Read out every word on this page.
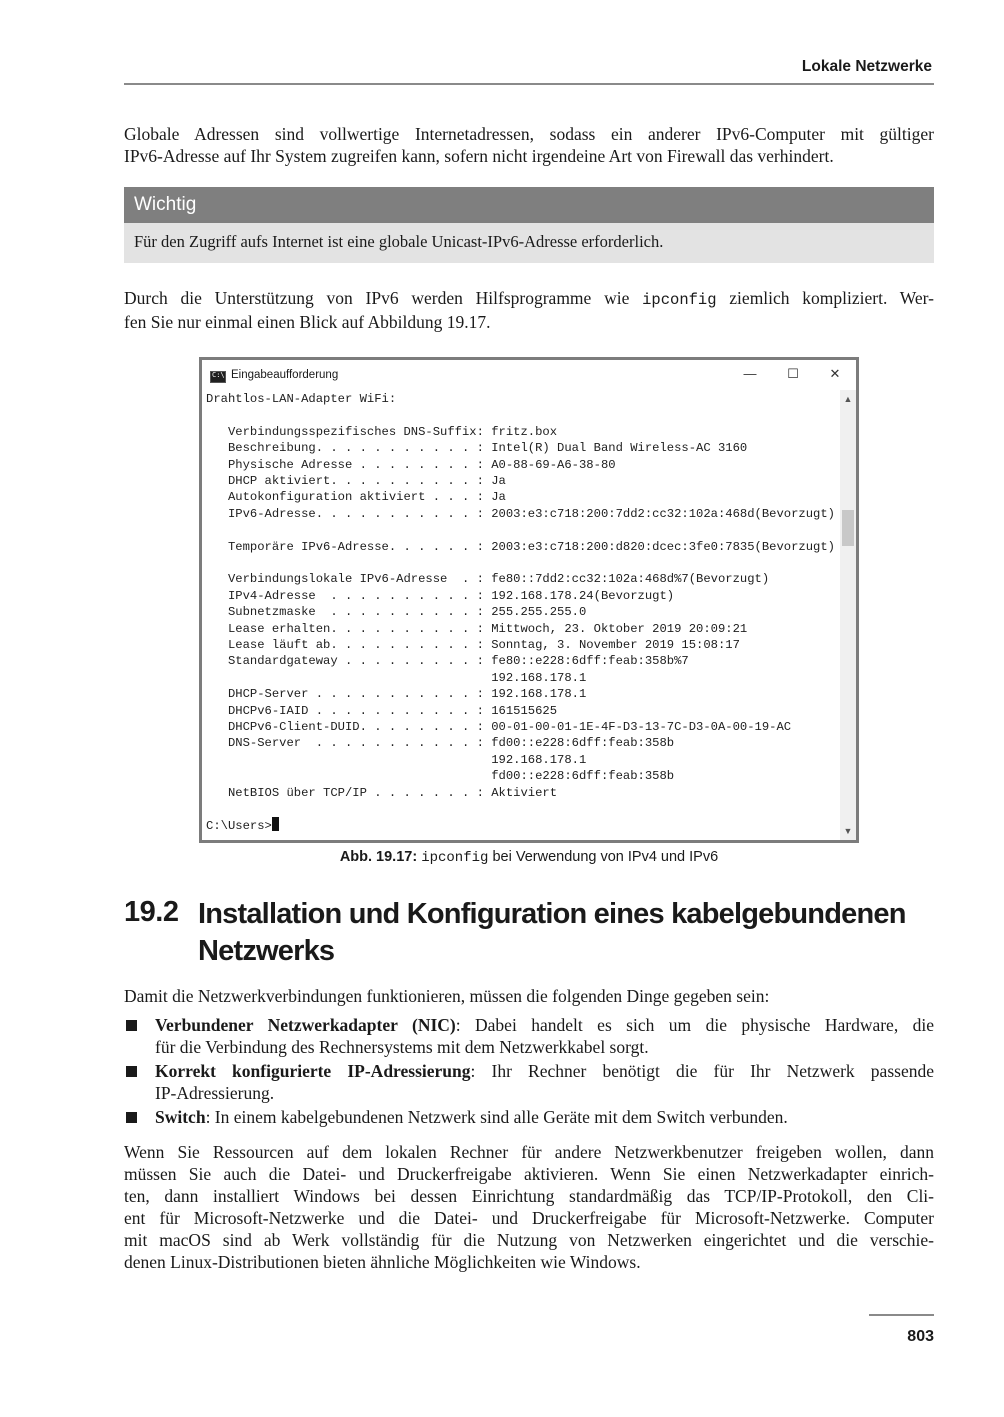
Lokale Netzwerke
Globale Adressen sind vollwertige Internetadressen, sodass ein anderer IPv6-Computer mit gültiger
IPv6-Adresse auf Ihr System zugreifen kann, sofern nicht irgendeine Art von Firewall das verhindert.
Wichtig
Für den Zugriff aufs Internet ist eine globale Unicast-IPv6-Adresse erforderlich.
Durch die Unterstützung von IPv6 werden Hilfsprogramme wie ipconfig ziemlich kompliziert. Wer-
fen Sie nur einmal einen Blick auf Abbildung 19.17.
C:\ Eingabeaufforderung	—	☐	✕
Drahtlos-LAN-Adapter WiFi:
Verbindungsspezifisches DNS-Suffix: fritz.box
Beschreibung. . . . . . . . . . . : Intel(R) Dual Band Wireless-AC 3160
Physische Adresse . . . . . . . . : A0-88-69-A6-38-80
DHCP aktiviert. . . . . . . . . . : Ja
Autokonfiguration aktiviert . . . : Ja
IPv6-Adresse. . . . . . . . . . . : 2003:e3:c718:200:7dd2:cc32:102a:468d(Bevorzugt)
Temporäre IPv6-Adresse. . . . . . : 2003:e3:c718:200:d820:dcec:3fe0:7835(Bevorzugt)
Verbindungslokale IPv6-Adresse  . : fe80::7dd2:cc32:102a:468d%7(Bevorzugt)
IPv4-Adresse  . . . . . . . . . . : 192.168.178.24(Bevorzugt)
Subnetzmaske  . . . . . . . . . . : 255.255.255.0
Lease erhalten. . . . . . . . . . : Mittwoch, 23. Oktober 2019 20:09:21
Lease läuft ab. . . . . . . . . . : Sonntag, 3. November 2019 15:08:17
Standardgateway . . . . . . . . . : fe80::e228:6dff:feab:358b%7
192.168.178.1
DHCP-Server . . . . . . . . . . . : 192.168.178.1
DHCPv6-IAID . . . . . . . . . . . : 161515625
DHCPv6-Client-DUID. . . . . . . . : 00-01-00-01-1E-4F-D3-13-7C-D3-0A-00-19-AC
DNS-Server  . . . . . . . . . . . : fd00::e228:6dff:feab:358b
192.168.178.1
fd00::e228:6dff:feab:358b
NetBIOS über TCP/IP . . . . . . . : Aktiviert
C:\Users>
▲
▼
Abb. 19.17: ipconfig bei Verwendung von IPv4 und IPv6
19.2 Installation und Konfiguration eines kabelgebundenen
Netzwerks
Damit die Netzwerkverbindungen funktionieren, müssen die folgenden Dinge gegeben sein:
Verbundener Netzwerkadapter (NIC): Dabei handelt es sich um die physische Hardware, die
für die Verbindung des Rechnersystems mit dem Netzwerkkabel sorgt.
Korrekt konfigurierte IP-Adressierung: Ihr Rechner benötigt die für Ihr Netzwerk passende
IP-Adressierung.
Switch: In einem kabelgebundenen Netzwerk sind alle Geräte mit dem Switch verbunden.
Wenn Sie Ressourcen auf dem lokalen Rechner für andere Netzwerkbenutzer freigeben wollen, dann
müssen Sie auch die Datei- und Druckerfreigabe aktivieren. Wenn Sie einen Netzwerkadapter einrich-
ten, dann installiert Windows bei dessen Einrichtung standardmäßig das TCP/IP-Protokoll, den Cli-
ent für Microsoft-Netzwerke und die Datei- und Druckerfreigabe für Microsoft-Netzwerke. Computer
mit macOS sind ab Werk vollständig für die Nutzung von Netzwerken eingerichtet und die verschie-
denen Linux-Distributionen bieten ähnliche Möglichkeiten wie Windows.
803
